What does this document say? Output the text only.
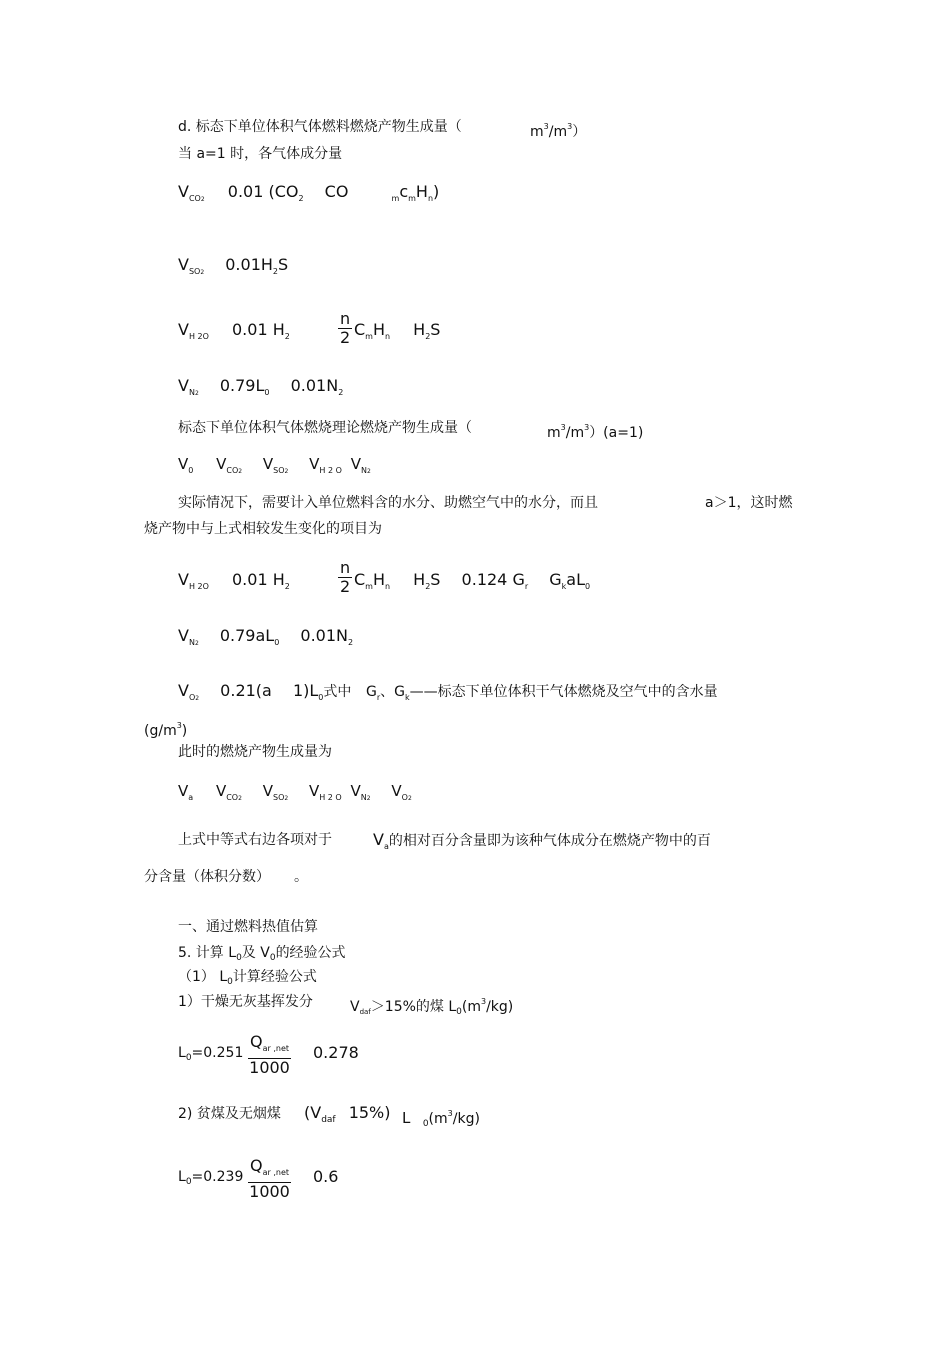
d. 标态下单位体积气体燃料燃烧产物生成量（	$m^3/m^3$）
当 a=1 时，各气体成分量
$V_{CO2}$ 0.01 ($CO_2$ CO	$_mc_mH_n$)
$V_{SO2}$ $0.01H_2S$
$V_{H 2O}$ 0.01 $H_2$
n
2 $C_mH_n$ $H_2S$
$V_{N2}$ $0.79L_0$ $0.01N_2$
标态下单位体积气体燃烧理论燃烧产物生成量（	$m^3/m^3)(a=1)$
$V_0$ $V_{CO2}$ $V_{SO2}$ $V_{H 2 O}$ $V_{N2}$
实际情况下，需要计入单位燃料含的水分、助燃空气中的水分，而且	a＞1，这时燃
烧产物中与上式相较发生变化的项目为
$V_{H 2O}$ 0.01 $H_2$
n
2 $C_mH_n$ $H_2S$ 0.124 $G_r$ $G_kaL_0$
$V_{N2}$ $0.79aL_0$ $0.01N_2$
$V_{O2}$ 0.21(a $1)L_0$式中 $G_r$、$G_k——$标态下单位体积干气体燃烧及空气中的含水量
$(g/m^3)$
此时的燃烧产物生成量为
$V_a$ $V_{CO2}$ $V_{SO2}$ $V_{H 2 O}$ $V_{N2}$ $V_{O2}$
上式中等式右边各项对于	$V_a$的相对百分含量即为该种气体成分在燃烧产物中的百
分含量（体积分数） 。
一、通过燃料热值估算
5. 计算 $L_0$及 $V_0$的经验公式
（1） $L_0$计算经验公式
1）干燥无灰基挥发分	$V_{daf}>15\%$的煤 $L_0(m^3/kg)$
$L_0=0.251$
$Q_{ar ,net}$
1000
0.278
2) 贫煤及无烟煤 ($V_{daf}$ 15%) L $_0(m^3/kg)$
$L_0=0.239$
$Q_{ar ,net}$
1000
0.6
